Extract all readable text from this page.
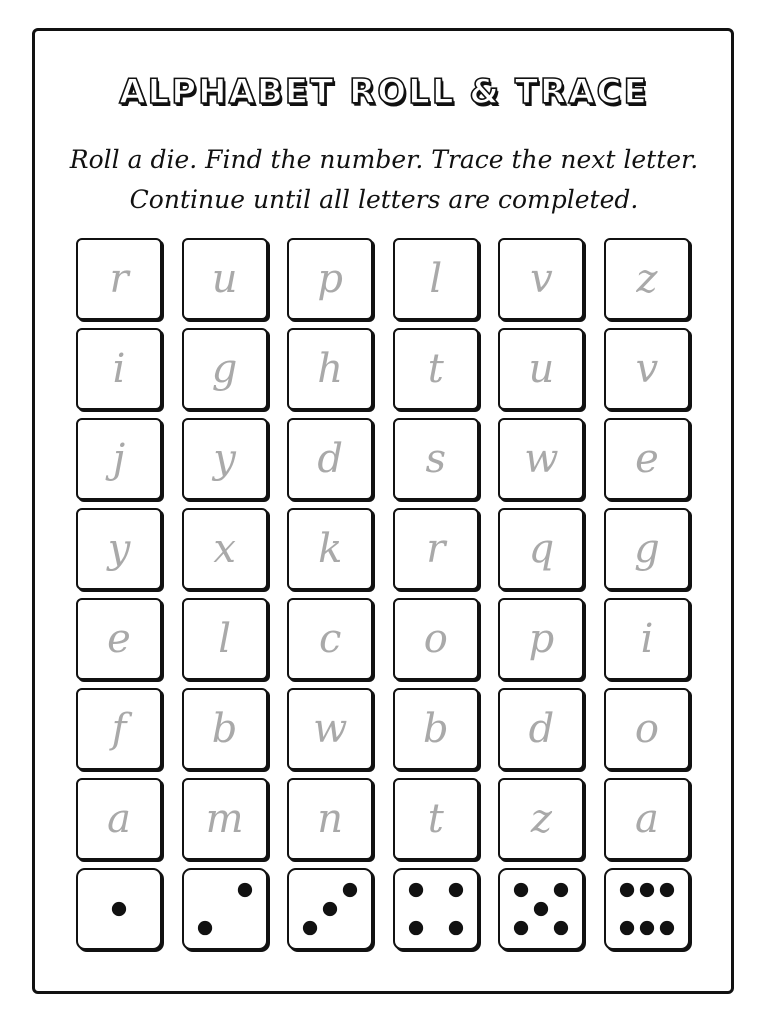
ALPHABET ROLL & TRACE
Roll a die. Find the number. Trace the next letter.
Continue until all letters are completed.
r u p l v z
i g h t u v
j y d s w e
y x k r q g
e l c o p i
f b w b d o
a m n t z a
